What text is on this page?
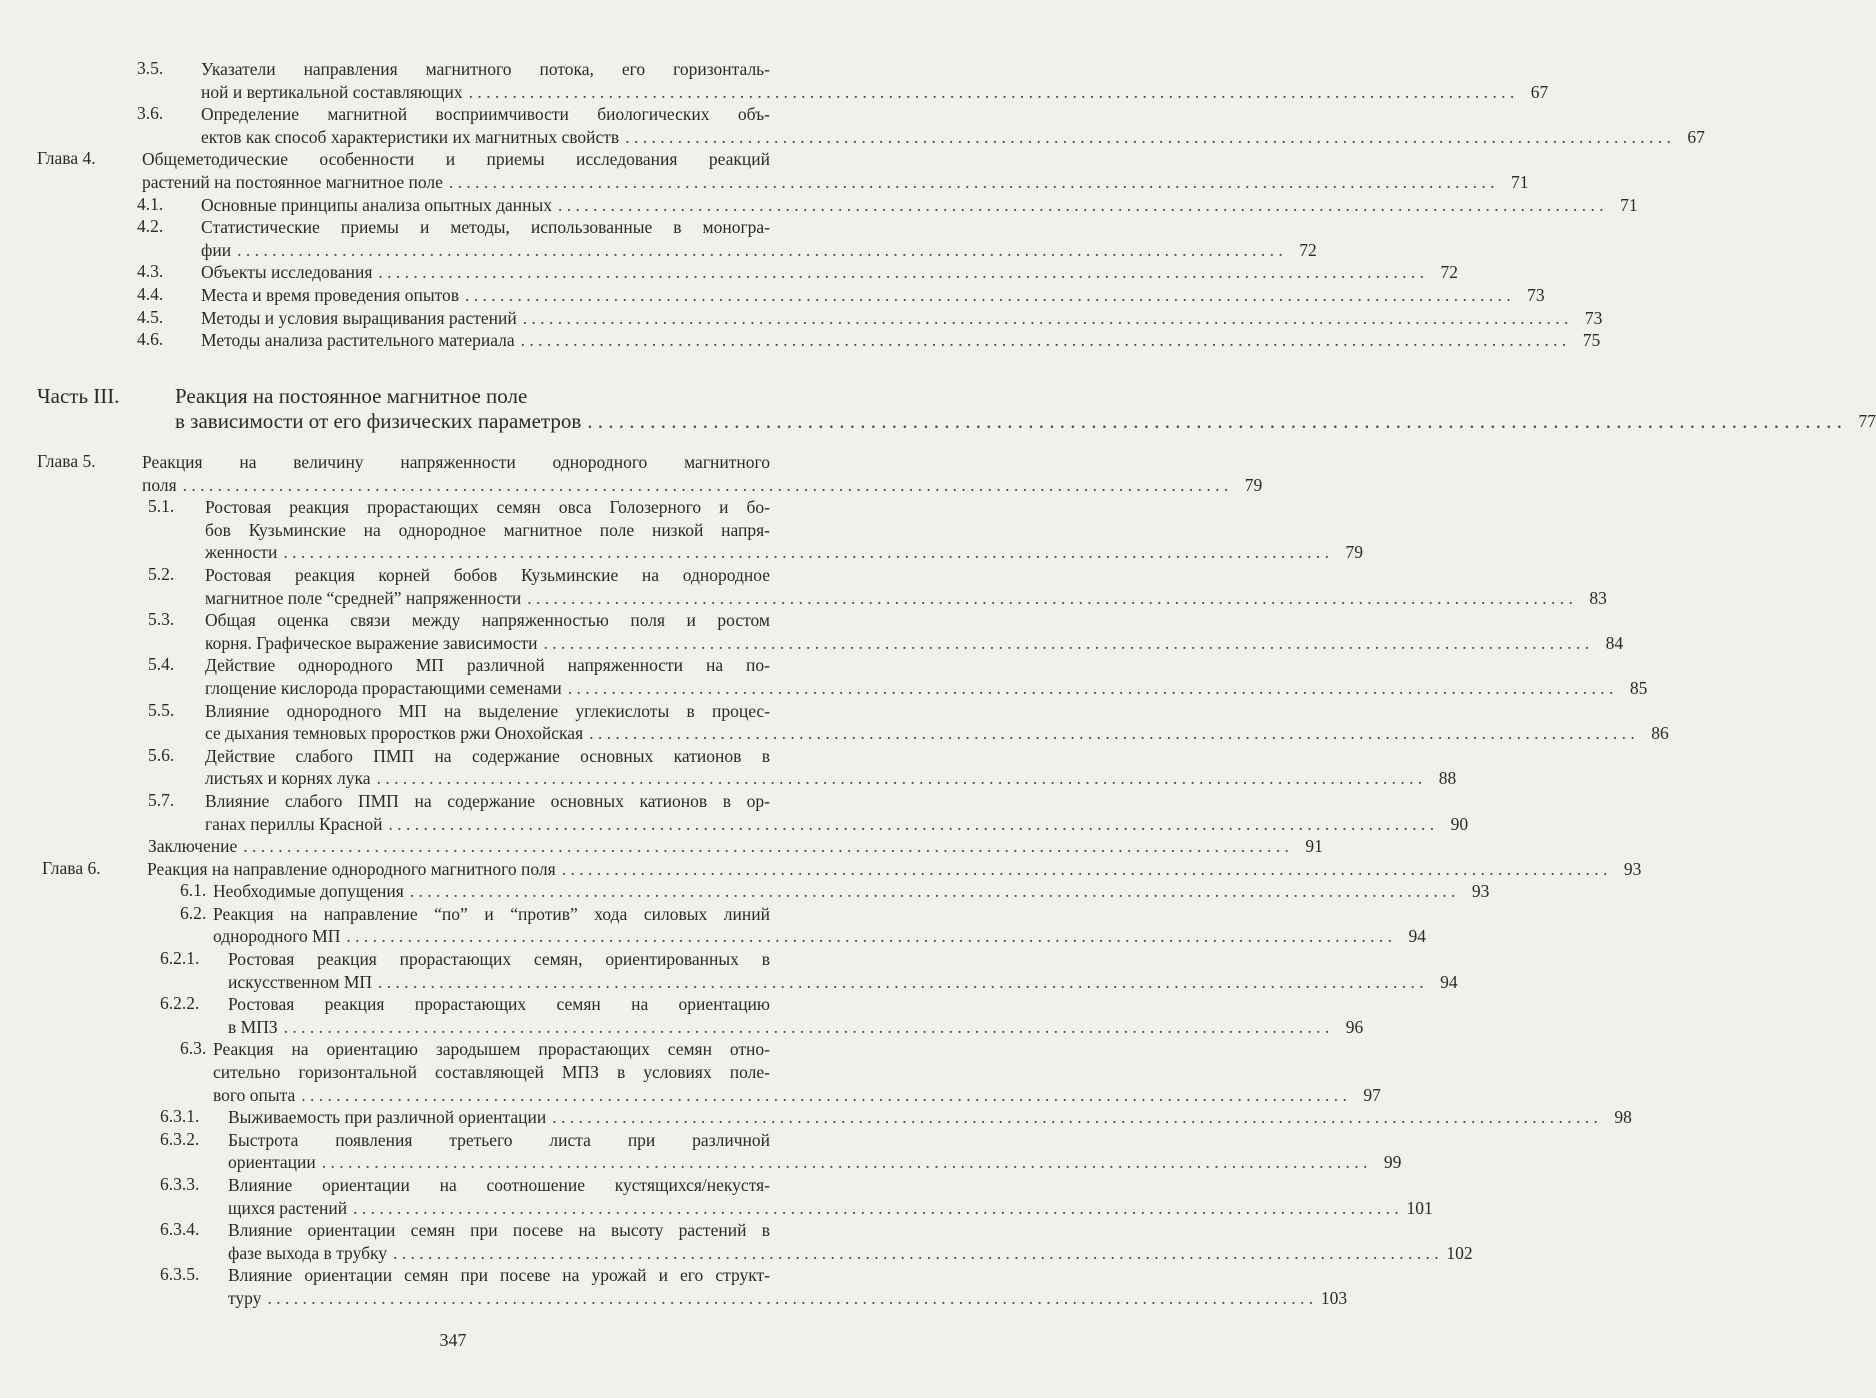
3.5. Указатели направления магнитного потока, его горизонталь-
ной и вертикальной составляющих . . . . . . . . . . . . . . . . . . . . . . . . . . . . . . . . . . . . . . . . . . . . . . . . . . . . . . . . . . . . . . . . . . . . . . . . . . . . . . . . . . . . . . . . . . . . . . . . . . . . . . . . . . . . . . . . . . . . . . . . 67
3.6. Определение магнитной восприимчивости биологических объ-
ектов как способ характеристики их магнитных свойств . . . . . . . . . . . . . . . . . . . . . . . . . . . . . . . . . . . . . . . . . . . . . . . . . . . . . . . . . . . . . . . . . . . . . . . . . . . . . . . . . . . . . . . . . . . . . . . . . . . . . . . . . . . . . . . . . . . . . . . . 67
Глава 4.	Общеметодические особенности и приемы исследования реакций
растений на постоянное магнитное поле . . . . . . . . . . . . . . . . . . . . . . . . . . . . . . . . . . . . . . . . . . . . . . . . . . . . . . . . . . . . . . . . . . . . . . . . . . . . . . . . . . . . . . . . . . . . . . . . . . . . . . . . . . . . . . . . . . . . . . . . 71
4.1. Основные принципы анализа опытных данных . . . . . . . . . . . . . . . . . . . . . . . . . . . . . . . . . . . . . . . . . . . . . . . . . . . . . . . . . . . . . . . . . . . . . . . . . . . . . . . . . . . . . . . . . . . . . . . . . . . . . . . . . . . . . . . . . . . . . . . . 71
4.2. Статистические приемы и методы, использованные в моногра-
фии . . . . . . . . . . . . . . . . . . . . . . . . . . . . . . . . . . . . . . . . . . . . . . . . . . . . . . . . . . . . . . . . . . . . . . . . . . . . . . . . . . . . . . . . . . . . . . . . . . . . . . . . . . . . . . . . . . . . . . . . 72
4.3. Объекты исследования . . . . . . . . . . . . . . . . . . . . . . . . . . . . . . . . . . . . . . . . . . . . . . . . . . . . . . . . . . . . . . . . . . . . . . . . . . . . . . . . . . . . . . . . . . . . . . . . . . . . . . . . . . . . . . . . . . . . . . . . 72
4.4. Места и время проведения опытов . . . . . . . . . . . . . . . . . . . . . . . . . . . . . . . . . . . . . . . . . . . . . . . . . . . . . . . . . . . . . . . . . . . . . . . . . . . . . . . . . . . . . . . . . . . . . . . . . . . . . . . . . . . . . . . . . . . . . . . . 73
4.5. Методы и условия выращивания растений . . . . . . . . . . . . . . . . . . . . . . . . . . . . . . . . . . . . . . . . . . . . . . . . . . . . . . . . . . . . . . . . . . . . . . . . . . . . . . . . . . . . . . . . . . . . . . . . . . . . . . . . . . . . . . . . . . . . . . . . 73
4.6. Методы анализа растительного материала . . . . . . . . . . . . . . . . . . . . . . . . . . . . . . . . . . . . . . . . . . . . . . . . . . . . . . . . . . . . . . . . . . . . . . . . . . . . . . . . . . . . . . . . . . . . . . . . . . . . . . . . . . . . . . . . . . . . . . . . 75
Часть III.	Реакция на постоянное магнитное поле
в зависимости от его физических параметров . . . . . . . . . . . . . . . . . . . . . . . . . . . . . . . . . . . . . . . . . . . . . . . . . . . . . . . . . . . . . . . . . . . . . . . . . . . . . . . . . . . . . . . . . . . . . . . . . . . . . . . . . . . . . . . . . . . . . . . . 77
Глава 5.	Реакция на величину напряженности однородного магнитного
поля . . . . . . . . . . . . . . . . . . . . . . . . . . . . . . . . . . . . . . . . . . . . . . . . . . . . . . . . . . . . . . . . . . . . . . . . . . . . . . . . . . . . . . . . . . . . . . . . . . . . . . . . . . . . . . . . . . . . . . . . 79
5.1. Ростовая реакция прорастающих семян овса Голозерного и бо-
бов Кузьминские на однородное магнитное поле низкой напря-
женности . . . . . . . . . . . . . . . . . . . . . . . . . . . . . . . . . . . . . . . . . . . . . . . . . . . . . . . . . . . . . . . . . . . . . . . . . . . . . . . . . . . . . . . . . . . . . . . . . . . . . . . . . . . . . . . . . . . . . . . . 79
5.2. Ростовая реакция корней бобов Кузьминские на однородное
магнитное поле “средней” напряженности . . . . . . . . . . . . . . . . . . . . . . . . . . . . . . . . . . . . . . . . . . . . . . . . . . . . . . . . . . . . . . . . . . . . . . . . . . . . . . . . . . . . . . . . . . . . . . . . . . . . . . . . . . . . . . . . . . . . . . . . 83
5.3. Общая оценка связи между напряженностью поля и ростом
корня. Графическое выражение зависимости . . . . . . . . . . . . . . . . . . . . . . . . . . . . . . . . . . . . . . . . . . . . . . . . . . . . . . . . . . . . . . . . . . . . . . . . . . . . . . . . . . . . . . . . . . . . . . . . . . . . . . . . . . . . . . . . . . . . . . . . 84
5.4. Действие однородного МП различной напряженности на по-
глощение кислорода прорастающими семенами . . . . . . . . . . . . . . . . . . . . . . . . . . . . . . . . . . . . . . . . . . . . . . . . . . . . . . . . . . . . . . . . . . . . . . . . . . . . . . . . . . . . . . . . . . . . . . . . . . . . . . . . . . . . . . . . . . . . . . . . 85
5.5. Влияние однородного МП на выделение углекислоты в процес-
се дыхания темновых проростков ржи Онохойская . . . . . . . . . . . . . . . . . . . . . . . . . . . . . . . . . . . . . . . . . . . . . . . . . . . . . . . . . . . . . . . . . . . . . . . . . . . . . . . . . . . . . . . . . . . . . . . . . . . . . . . . . . . . . . . . . . . . . . . . 86
5.6. Действие слабого ПМП на содержание основных катионов в
листьях и корнях лука . . . . . . . . . . . . . . . . . . . . . . . . . . . . . . . . . . . . . . . . . . . . . . . . . . . . . . . . . . . . . . . . . . . . . . . . . . . . . . . . . . . . . . . . . . . . . . . . . . . . . . . . . . . . . . . . . . . . . . . . 88
5.7. Влияние слабого ПМП на содержание основных катионов в ор-
ганах периллы Красной . . . . . . . . . . . . . . . . . . . . . . . . . . . . . . . . . . . . . . . . . . . . . . . . . . . . . . . . . . . . . . . . . . . . . . . . . . . . . . . . . . . . . . . . . . . . . . . . . . . . . . . . . . . . . . . . . . . . . . . . 90
Заключение . . . . . . . . . . . . . . . . . . . . . . . . . . . . . . . . . . . . . . . . . . . . . . . . . . . . . . . . . . . . . . . . . . . . . . . . . . . . . . . . . . . . . . . . . . . . . . . . . . . . . . . . . . . . . . . . . . . . . . . . 91
Глава 6.	Реакция на направление однородного магнитного поля . . . . . . . . . . . . . . . . . . . . . . . . . . . . . . . . . . . . . . . . . . . . . . . . . . . . . . . . . . . . . . . . . . . . . . . . . . . . . . . . . . . . . . . . . . . . . . . . . . . . . . . . . . . . . . . . . . . . . . . . 93
6.1. Необходимые допущения . . . . . . . . . . . . . . . . . . . . . . . . . . . . . . . . . . . . . . . . . . . . . . . . . . . . . . . . . . . . . . . . . . . . . . . . . . . . . . . . . . . . . . . . . . . . . . . . . . . . . . . . . . . . . . . . . . . . . . . . 93
6.2. Реакция на направление “по” и “против” хода силовых линий
однородного МП . . . . . . . . . . . . . . . . . . . . . . . . . . . . . . . . . . . . . . . . . . . . . . . . . . . . . . . . . . . . . . . . . . . . . . . . . . . . . . . . . . . . . . . . . . . . . . . . . . . . . . . . . . . . . . . . . . . . . . . . 94
6.2.1. Ростовая реакция прорастающих семян, ориентированных в
искусственном МП . . . . . . . . . . . . . . . . . . . . . . . . . . . . . . . . . . . . . . . . . . . . . . . . . . . . . . . . . . . . . . . . . . . . . . . . . . . . . . . . . . . . . . . . . . . . . . . . . . . . . . . . . . . . . . . . . . . . . . . . 94
6.2.2. Ростовая реакция прорастающих семян на ориентацию
в МПЗ . . . . . . . . . . . . . . . . . . . . . . . . . . . . . . . . . . . . . . . . . . . . . . . . . . . . . . . . . . . . . . . . . . . . . . . . . . . . . . . . . . . . . . . . . . . . . . . . . . . . . . . . . . . . . . . . . . . . . . . . 96
6.3. Реакция на ориентацию зародышем прорастающих семян отно-
сительно горизонтальной составляющей МПЗ в условиях поле-
вого опыта . . . . . . . . . . . . . . . . . . . . . . . . . . . . . . . . . . . . . . . . . . . . . . . . . . . . . . . . . . . . . . . . . . . . . . . . . . . . . . . . . . . . . . . . . . . . . . . . . . . . . . . . . . . . . . . . . . . . . . . . 97
6.3.1. Выживаемость при различной ориентации . . . . . . . . . . . . . . . . . . . . . . . . . . . . . . . . . . . . . . . . . . . . . . . . . . . . . . . . . . . . . . . . . . . . . . . . . . . . . . . . . . . . . . . . . . . . . . . . . . . . . . . . . . . . . . . . . . . . . . . . 98
6.3.2. Быстрота появления третьего листа при различной
ориентации . . . . . . . . . . . . . . . . . . . . . . . . . . . . . . . . . . . . . . . . . . . . . . . . . . . . . . . . . . . . . . . . . . . . . . . . . . . . . . . . . . . . . . . . . . . . . . . . . . . . . . . . . . . . . . . . . . . . . . . . 99
6.3.3. Влияние ориентации на соотношение кустящихся/некустя-
щихся растений . . . . . . . . . . . . . . . . . . . . . . . . . . . . . . . . . . . . . . . . . . . . . . . . . . . . . . . . . . . . . . . . . . . . . . . . . . . . . . . . . . . . . . . . . . . . . . . . . . . . . . . . . . . . . . . . . . . . . . . . 101
6.3.4. Влияние ориентации семян при посеве на высоту растений в
фазе выхода в трубку . . . . . . . . . . . . . . . . . . . . . . . . . . . . . . . . . . . . . . . . . . . . . . . . . . . . . . . . . . . . . . . . . . . . . . . . . . . . . . . . . . . . . . . . . . . . . . . . . . . . . . . . . . . . . . . . . . . . . . . . 102
6.3.5. Влияние ориентации семян при посеве на урожай и его структ-
туру . . . . . . . . . . . . . . . . . . . . . . . . . . . . . . . . . . . . . . . . . . . . . . . . . . . . . . . . . . . . . . . . . . . . . . . . . . . . . . . . . . . . . . . . . . . . . . . . . . . . . . . . . . . . . . . . . . . . . . . . 103
347
